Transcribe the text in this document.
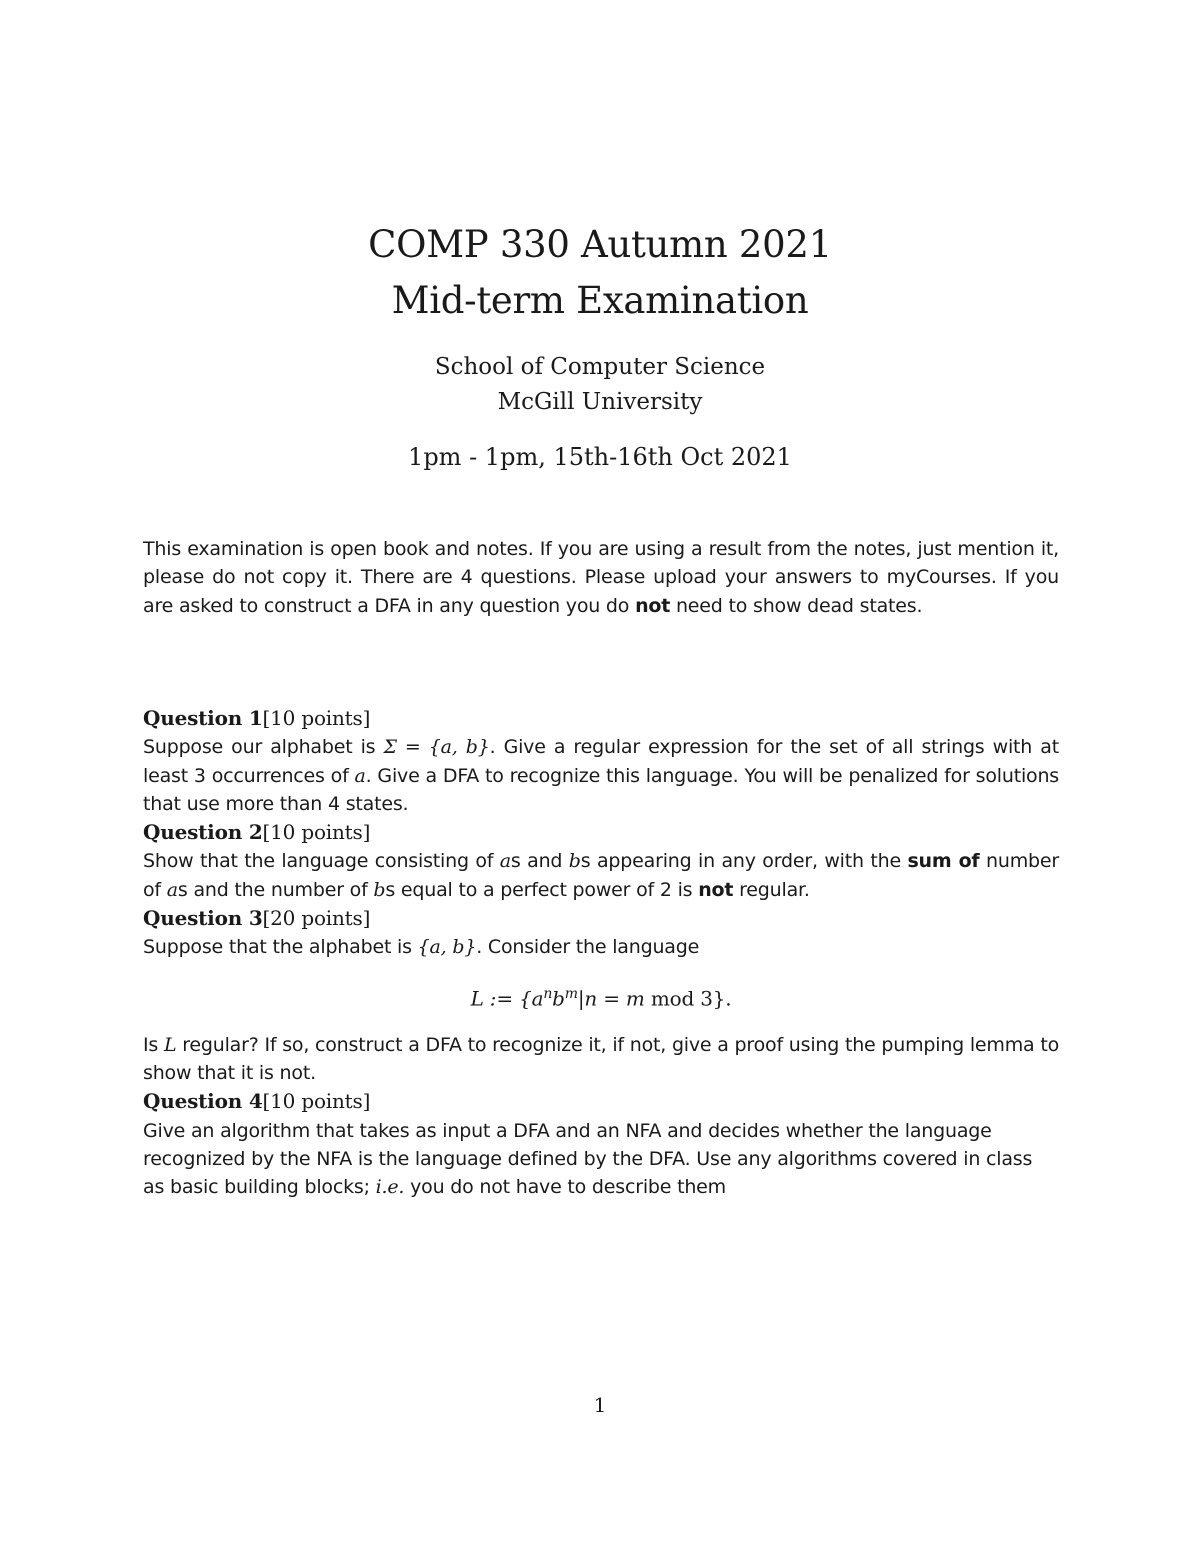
COMP 330 Autumn 2021

Mid-term Examination

School of Computer Science

McGill University

1pm - 1pm, 15th-16th Oct 2021

This examination is open book and notes. If you are using a result from the notes, just mention it, please do not copy it. There are 4 questions. Please upload your answers to myCourses. If you are asked to construct a DFA in any question you do not need to show dead states.

Question 1[10 points]

Suppose our alphabet is Σ = {a, b}. Give a regular expression for the set of all strings with at least 3 occurrences of a. Give a DFA to recognize this language. You will be penalized for solutions that use more than 4 states.

Question 2[10 points]

Show that the language consisting of as and bs appearing in any order, with the sum of number of as and the number of bs equal to a perfect power of 2 is not regular.

Question 3[20 points]

Suppose that the alphabet is {a, b}. Consider the language

L := {$a^nb^m|n = m$ mod 3}.

Is L regular? If so, construct a DFA to recognize it, if not, give a proof using the pumping lemma to show that it is not.

Question 4[10 points]

Give an algorithm that takes as input a DFA and an NFA and decides whether the language recognized by the NFA is the language defined by the DFA. Use any algorithms covered in class as basic building blocks; i.e. you do not have to describe them

1
